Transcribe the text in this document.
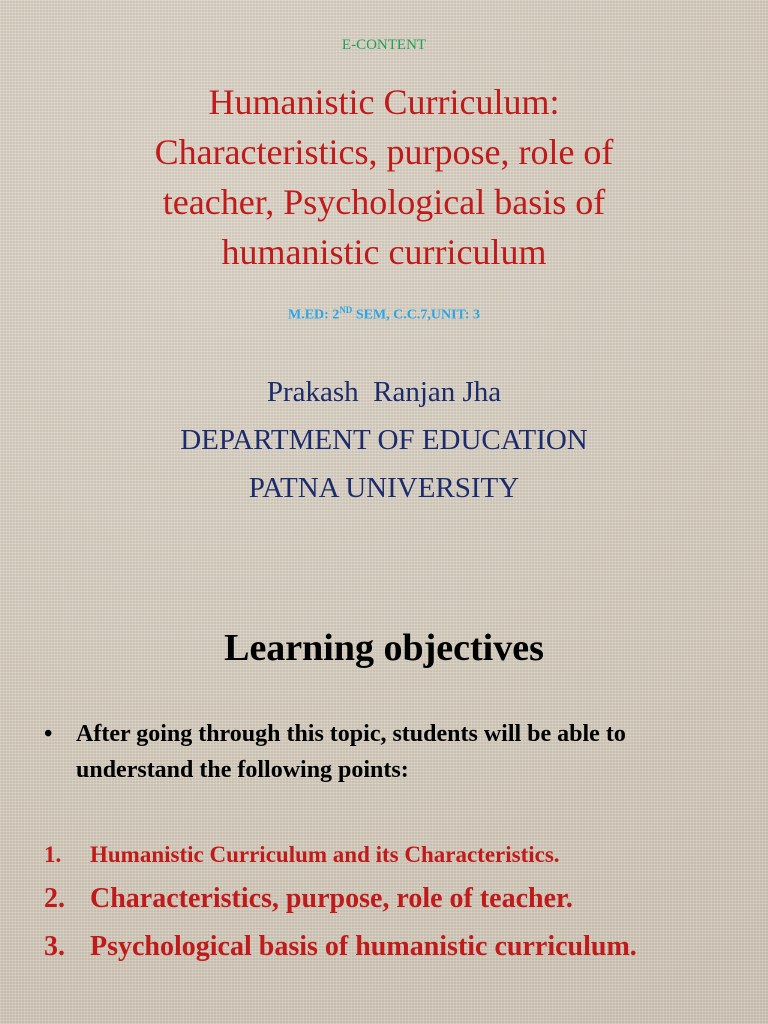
E-CONTENT
Humanistic Curriculum:
Characteristics, purpose, role of
teacher, Psychological basis of
humanistic curriculum
M.ED: 2ND SEM, C.C.7,UNIT: 3
Prakash  Ranjan Jha
DEPARTMENT OF EDUCATION
PATNA UNIVERSITY
Learning objectives
• After going through this topic, students will be able to understand the following points:
1. Humanistic Curriculum and its Characteristics.
2. Characteristics, purpose, role of teacher.
3. Psychological basis of humanistic curriculum.
